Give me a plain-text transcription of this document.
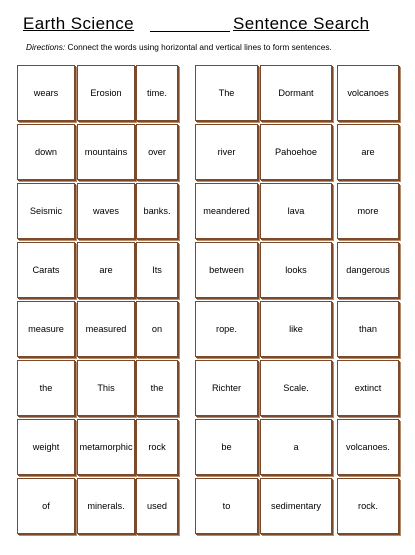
Earth Science	Sentence Search
Directions: Connect the words using horizontal and vertical lines to form sentences.
wears	Erosion	time.	The	Dormant	volcanoes
down	mountains	over	river	Pahoehoe	are
Seismic	waves	banks.	meandered	lava	more
Carats	are	Its	between	looks	dangerous
measure	measured	on	rope.	like	than
the	This	the	Richter	Scale.	extinct
weight	metamorphic	rock	be	a	volcanoes.
of	minerals.	used	to	sedimentary	rock.
